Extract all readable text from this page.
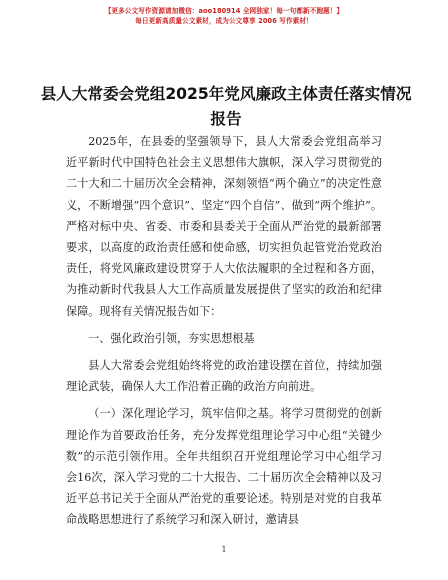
【更多公文写作资源请加微信：aoo180914 全网独家！每一句都新不跑题！】
每日更新高质量公文素材，成为公文尊享 2006 写作素材！
县人大常委会党组2025年党风廉政主体责任落实情况报告

2025年，在县委的坚强领导下，县人大常委会党组高举习近平新时代中国特色社会主义思想伟大旗帜，深入学习贯彻党的二十大和二十届历次全会精神，深刻领悟“两个确立”的决定性意义，不断增强“四个意识”、坚定“四个自信”、做到“两个维护”。严格对标中央、省委、市委和县委关于全面从严治党的最新部署要求，以高度的政治责任感和使命感，切实担负起管党治党政治责任，将党风廉政建设贯穿于人大依法履职的全过程和各方面，为推动新时代我县人大工作高质量发展提供了坚实的政治和纪律保障。现将有关情况报告如下：

一、强化政治引领，夯实思想根基

县人大常委会党组始终将党的政治建设摆在首位，持续加强理论武装，确保人大工作沿着正确的政治方向前进。

（一）深化理论学习，筑牢信仰之基。将学习贯彻党的创新理论作为首要政治任务，充分发挥党组理论学习中心组“关键少数”的示范引领作用。全年共组织召开党组理论学习中心组学习会16次，深入学习党的二十大报告、二十届历次全会精神以及习近平总书记关于全面从严治党的重要论述。特别是对党的自我革命战略思想进行了系统学习和深入研讨，邀请县

1
